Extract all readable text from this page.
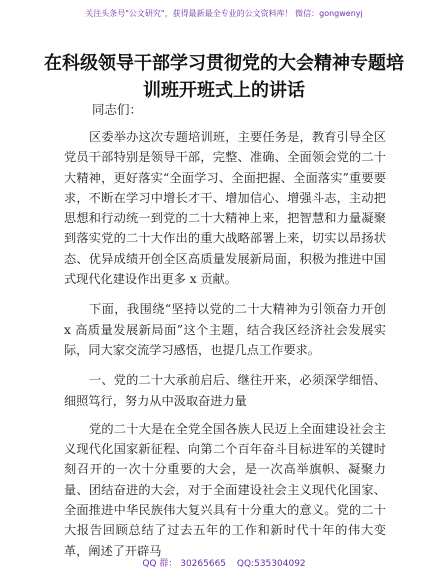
关注头条号"公文研究"，获得最新最全专业的公文资料库！ 微信：gongwenyj
在科级领导干部学习贯彻党的大会精神专题培训班开班式上的讲话
同志们：

区委举办这次专题培训班，主要任务是，教育引导全区党员干部特别是领导干部，完整、准确、全面领会党的二十大精神，更好落实“全面学习、全面把握、全面落实”重要要求，不断在学习中增长才干、增加信心、增强斗志，主动把思想和行动统一到党的二十大精神上来，把智慧和力量凝聚到落实党的二十大作出的重大战略部署上来，切实以昂扬状态、优异成绩开创全区高质量发展新局面，积极为推进中国式现代化建设作出更多 x 贡献。

下面，我围绕“坚持以党的二十大精神为引领奋力开创 x 高质量发展新局面”这个主题，结合我区经济社会发展实际，同大家交流学习感悟，也提几点工作要求。

一、党的二十大承前启后、继往开来，必须深学细悟、细照笃行，努力从中汲取奋进力量

党的二十大是在全党全国各族人民迈上全面建设社会主义现代化国家新征程、向第二个百年奋斗目标进军的关键时刻召开的一次十分重要的大会，是一次高举旗帜、凝聚力量、团结奋进的大会，对于全面建设社会主义现代化国家、全面推进中华民族伟大复兴具有十分重大的意义。党的二十大报告回顾总结了过去五年的工作和新时代十年的伟大变革，阐述了开辟马

QQ 群： 30265665 QQ:535304092
